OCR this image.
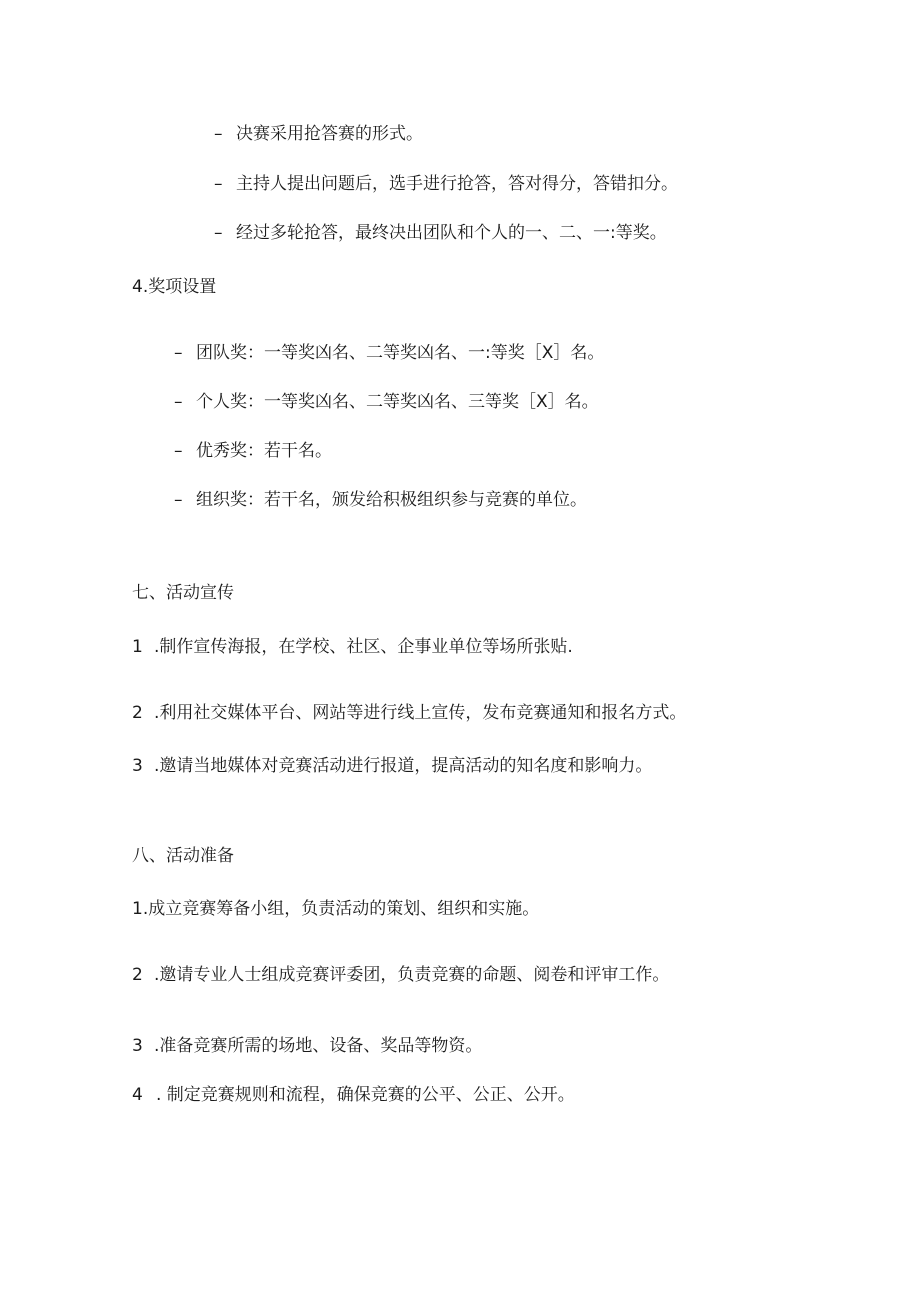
– 决赛采用抢答赛的形式。
– 主持人提出问题后，选手进行抢答，答对得分，答错扣分。
– 经过多轮抢答，最终决出团队和个人的一、二、一:等奖。
4.奖项设置
– 团队奖：一等奖凶名、二等奖凶名、一:等奖［X］名。
– 个人奖：一等奖凶名、二等奖凶名、三等奖［X］名。
– 优秀奖：若干名。
– 组织奖：若干名，颁发给积极组织参与竞赛的单位。
七、活动宣传
1 .制作宣传海报，在学校、社区、企事业单位等场所张贴.
2 .利用社交媒体平台、网站等进行线上宣传，发布竞赛通知和报名方式。
3 .邀请当地媒体对竞赛活动进行报道，提高活动的知名度和影响力。
八、活动准备
1.成立竞赛筹备小组，负责活动的策划、组织和实施。
2 .邀请专业人士组成竞赛评委团，负责竞赛的命题、阅卷和评审工作。
3 .准备竞赛所需的场地、设备、奖品等物资。
4 . 制定竞赛规则和流程，确保竞赛的公平、公正、公开。
